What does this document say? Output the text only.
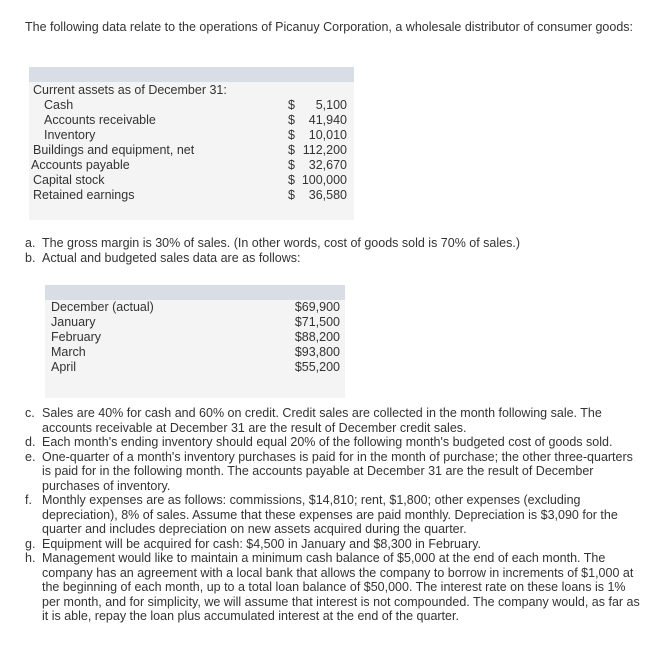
The following data relate to the operations of Picanuy Corporation, a wholesale distributor of consumer goods:
Current assets as of December 31:
Cash	$ 5,100
Accounts receivable	$ 41,940
Inventory	$ 10,010
Buildings and equipment, net	$ 112,200
Accounts payable	$ 32,670
Capital stock	$ 100,000
Retained earnings	$ 36,580
a. The gross margin is 30% of sales. (In other words, cost of goods sold is 70% of sales.)
b. Actual and budgeted sales data are as follows:
December (actual)	$69,900
January	$71,500
February	$88,200
March	$93,800
April	$55,200
c. Sales are 40% for cash and 60% on credit. Credit sales are collected in the month following sale. The accounts receivable at December 31 are the result of December credit sales.
d. Each month's ending inventory should equal 20% of the following month's budgeted cost of goods sold.
e. One-quarter of a month's inventory purchases is paid for in the month of purchase; the other three-quarters is paid for in the following month. The accounts payable at December 31 are the result of December purchases of inventory.
f. Monthly expenses are as follows: commissions, $14,810; rent, $1,800; other expenses (excluding depreciation), 8% of sales. Assume that these expenses are paid monthly. Depreciation is $3,090 for the quarter and includes depreciation on new assets acquired during the quarter.
g. Equipment will be acquired for cash: $4,500 in January and $8,300 in February.
h. Management would like to maintain a minimum cash balance of $5,000 at the end of each month. The company has an agreement with a local bank that allows the company to borrow in increments of $1,000 at the beginning of each month, up to a total loan balance of $50,000. The interest rate on these loans is 1% per month, and for simplicity, we will assume that interest is not compounded. The company would, as far as it is able, repay the loan plus accumulated interest at the end of the quarter.
